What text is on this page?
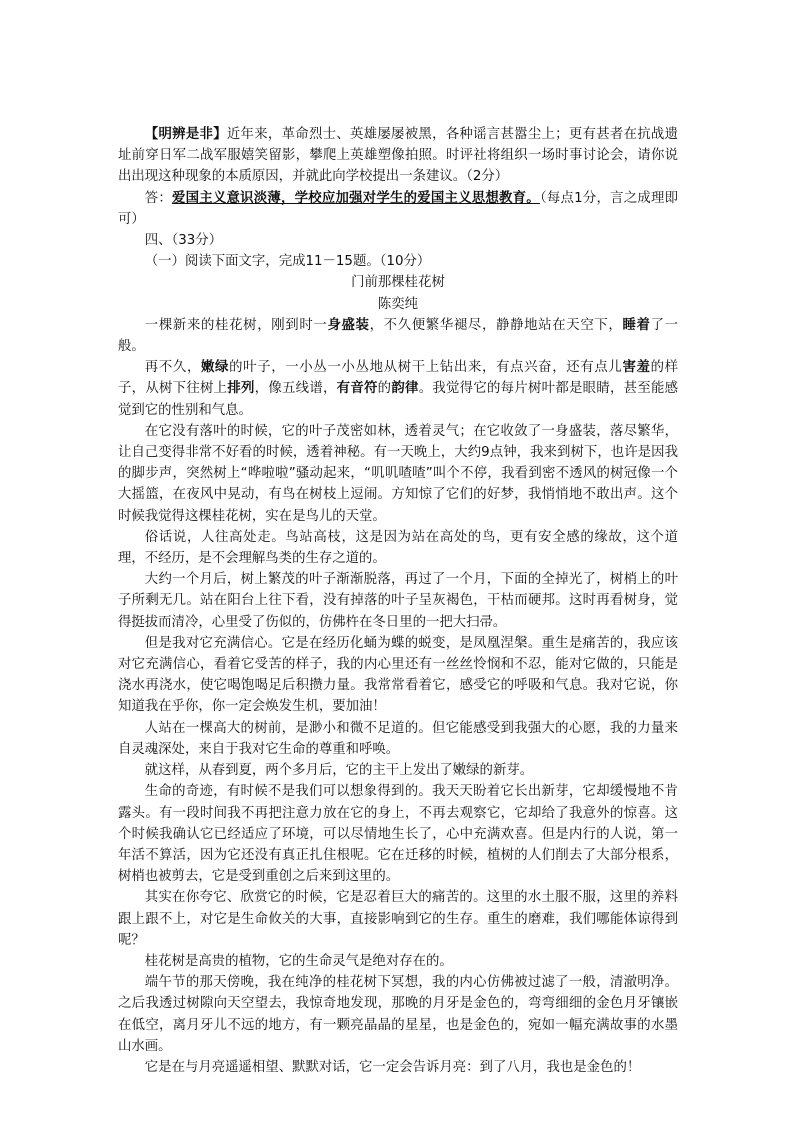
【明辨是非】近年来，革命烈士、英雄屡屡被黑，各种谣言甚嚣尘上；更有甚者在抗战遗址前穿日军二战军服嬉笑留影，攀爬上英雄塑像拍照。时评社将组织一场时事讨论会，请你说出出现这种现象的本质原因，并就此向学校提出一条建议。（2分）

答：爱国主义意识淡薄，学校应加强对学生的爱国主义思想教育。（每点1分，言之成理即可）

四、（33分）

（一）阅读下面文字，完成11－15题。（10分）

门前那棵桂花树

陈奕纯

一棵新来的桂花树，刚到时一身盛装，不久便繁华褪尽，静静地站在天空下，睡着了一般。

再不久，嫩绿的叶子，一小丛一小丛地从树干上钻出来，有点兴奋，还有点儿害羞的样子，从树下往树上排列，像五线谱，有音符的韵律。我觉得它的每片树叶都是眼睛，甚至能感觉到它的性别和气息。

在它没有落叶的时候，它的叶子茂密如林，透着灵气；在它收敛了一身盛装，落尽繁华，让自己变得非常不好看的时候，透着神秘。有一天晚上，大约9点钟，我来到树下，也许是因我的脚步声，突然树上“哗啦啦”骚动起来，“叽叽喳喳”叫个不停，我看到密不透风的树冠像一个大摇篮，在夜风中晃动，有鸟在树枝上逗闹。方知惊了它们的好梦，我悄悄地不敢出声。这个时候我觉得这棵桂花树，实在是鸟儿的天堂。

俗话说，人往高处走。鸟站高枝，这是因为站在高处的鸟，更有安全感的缘故，这个道理，不经历，是不会理解鸟类的生存之道的。

大约一个月后，树上繁茂的叶子渐渐脱落，再过了一个月，下面的全掉光了，树梢上的叶子所剩无几。站在阳台上往下看，没有掉落的叶子呈灰褐色，干枯而硬邦。这时再看树身，觉得挺拔而清冷，心里受了伤似的，仿佛杵在冬日里的一把大扫帚。

但是我对它充满信心。它是在经历化蛹为蝶的蜕变，是凤凰涅槃。重生是痛苦的，我应该对它充满信心，看着它受苦的样子，我的内心里还有一丝丝怜悯和不忍，能对它做的，只能是浇水再浇水，使它喝饱喝足后积攒力量。我常常看着它，感受它的呼吸和气息。我对它说，你知道我在乎你，你一定会焕发生机，要加油！

人站在一棵高大的树前，是渺小和微不足道的。但它能感受到我强大的心愿，我的力量来自灵魂深处，来自于我对它生命的尊重和呼唤。

就这样，从春到夏，两个多月后，它的主干上发出了嫩绿的新芽。

生命的奇迹，有时候不是我们可以想象得到的。我天天盼着它长出新芽，它却缓慢地不肯露头。有一段时间我不再把注意力放在它的身上，不再去观察它，它却给了我意外的惊喜。这个时候我确认它已经适应了环境，可以尽情地生长了，心中充满欢喜。但是内行的人说，第一年活不算活，因为它还没有真正扎住根呢。它在迁移的时候，植树的人们削去了大部分根系，树梢也被剪去，它是受到重创之后来到这里的。

其实在你夸它、欣赏它的时候，它是忍着巨大的痛苦的。这里的水土服不服，这里的养料跟上跟不上，对它是生命攸关的大事，直接影响到它的生存。重生的磨难，我们哪能体谅得到呢？

桂花树是高贵的植物，它的生命灵气是绝对存在的。

端午节的那天傍晚，我在纯净的桂花树下冥想，我的内心仿佛被过滤了一般，清澈明净。之后我透过树隙向天空望去，我惊奇地发现，那晚的月牙是金色的，弯弯细细的金色月牙镶嵌在低空，离月牙儿不远的地方，有一颗亮晶晶的星星，也是金色的，宛如一幅充满故事的水墨山水画。

它是在与月亮遥遥相望、默默对话，它一定会告诉月亮：到了八月，我也是金色的！
